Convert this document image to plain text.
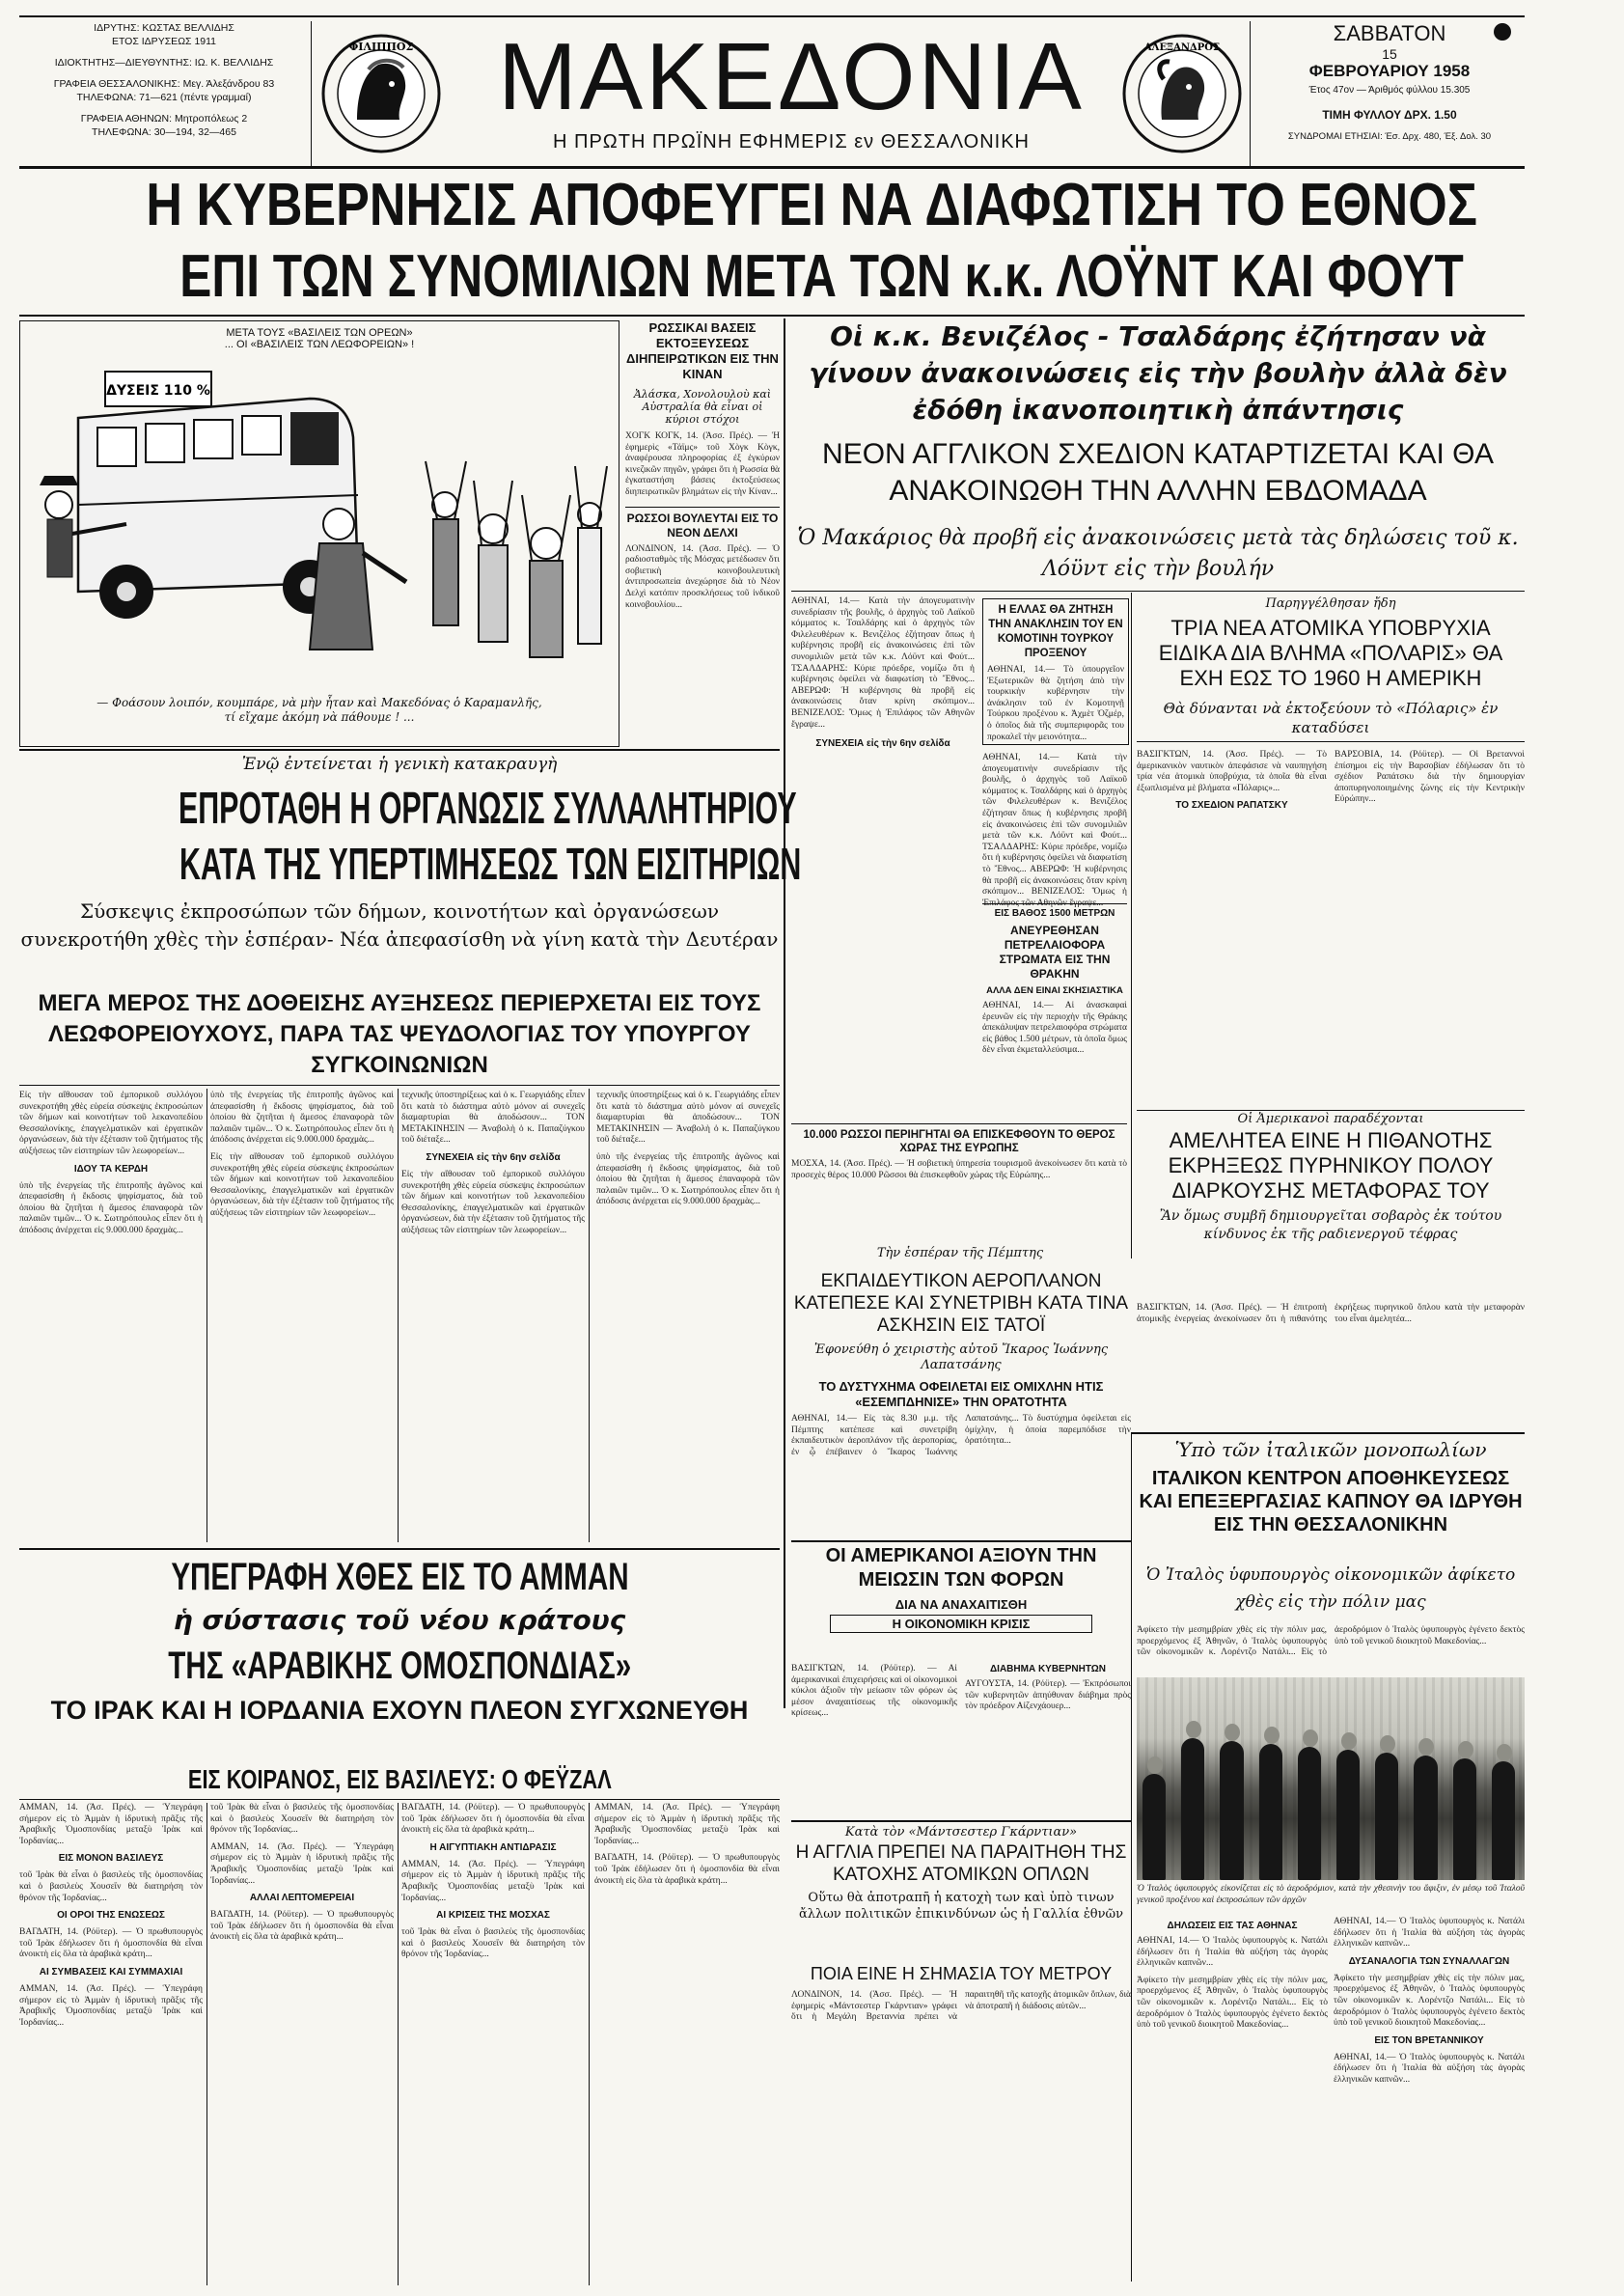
ΙΔΡΥΤΗΣ: ΚΩΣΤΑΣ ΒΕΛΛΙΔΗΣ
ΕΤΟΣ ΙΔΡΥΣΕΩΣ 1911
ΙΔΙΟΚΤΗΤΗΣ—ΔΙΕΥΘΥΝΤΗΣ: ΙΩ. Κ. ΒΕΛΛΙΔΗΣ
ΓΡΑΦΕΙΑ ΘΕΣΣΑΛΟΝΙΚΗΣ: Μεγ. Άλεξάνδρου 83
ΤΗΛΕΦΩΝΑ: 71—621 (πέντε γραμμαί)
ΓΡΑΦΕΙΑ ΑΘΗΝΩΝ: Μητροπόλεως 2
ΤΗΛΕΦΩΝΑ: 30—194, 32—465
ΦΙΛΙΠΠΟΣ ΜΑΚΕΔΟΝΙΑ
Η ΠΡΩΤΗ ΠΡΩΪΝΗ ΕΦΗΜΕΡΙΣ εν ΘΕΣΣΑΛΟΝΙΚΗ
ΑΛΕΞΑΝΔΡΟΣ
ΣΑΒΒΑΤΟΝ
15
ΦΕΒΡΟΥΑΡΙΟΥ 1958
Έτος 47ον — Άριθμός φύλλου 15.305
ΤΙΜΗ ΦΥΛΛΟΥ ΔΡΧ. 1.50
ΣΥΝΔΡΟΜΑΙ ΕΤΗΣΙΑΙ: Έσ. Δρχ. 480, Έξ. Δολ. 30
Η ΚΥΒΕΡΝΗΣΙΣ ΑΠΟΦΕΥΓΕΙ ΝΑ ΔΙΑΦΩΤΙΣΗ ΤΟ ΕΘΝΟΣ
ΕΠΙ ΤΩΝ ΣΥΝΟΜΙΛΙΩΝ ΜΕΤΑ ΤΩΝ κ.κ. ΛΟΫΝΤ ΚΑΙ ΦΟΥΤ
ΜΕΤΑ ΤΟΥΣ «ΒΑΣΙΛΕΙΣ ΤΩΝ ΟΡΕΩΝ»
... ΟΙ «ΒΑΣΙΛΕΙΣ ΤΩΝ ΛΕΩΦΟΡΕΙΩΝ» !
ΔΥΣΕΙΣ 110 %
— Φοάσουν λοιπόν, κουμπάρε, νὰ μὴν ἦταν καὶ Μακεδόνας ὁ Καραμανλῆς,
τί εἴχαμε ἀκόμη νὰ πάθουμε ! ...
ΡΩΣΣΙΚΑΙ ΒΑΣΕΙΣ ΕΚΤΟΞΕΥΣΕΩΣ ΔΙΗΠΕΙΡΩΤΙΚΩΝ ΕΙΣ ΤΗΝ ΚΙΝΑΝ
Ἀλάσκα, Χονολουλοὺ καὶ Αὐστραλία θὰ εἶναι οἱ κύριοι στόχοι
ΧΟΓΚ ΚΟΓΚ, 14. (Άσσ. Πρές). — Ἡ ἐφημερὶς «Τάϊμς» τοῦ Χὸγκ Κὸγκ, ἀναφέρουσα πληροφορίας ἐξ ἐγκύρων κινεζικῶν πηγῶν, γράφει ὅτι ἡ Ρωσσία θὰ ἐγκαταστήση βάσεις ἐκτοξεύσεως διηπειρωτικῶν βλημάτων εἰς τὴν Κίναν...
ΡΩΣΣΟΙ ΒΟΥΛΕΥΤΑΙ ΕΙΣ ΤΟ ΝΕΟΝ ΔΕΛΧΙ
ΛΟΝΔΙΝΟΝ, 14. (Άσσ. Πρές). — Ὁ ραδιοσταθμὸς τῆς Μόσχας μετέδωσεν ὅτι σοβιετικὴ κοινοβουλευτικὴ ἀντιπροσωπεία ἀνεχώρησε διὰ τὸ Νέον Δελχὶ κατόπιν προσκλήσεως τοῦ ἰνδικοῦ κοινοβουλίου...
Οἱ κ.κ. Βενιζέλος - Τσαλδάρης ἐζήτησαν νὰ γίνουν ἀνακοινώσεις εἰς τὴν βουλὴν ἀλλὰ δὲν ἐδόθη ἱκανοποιητικὴ ἀπάντησις
ΝΕΟΝ ΑΓΓΛΙΚΟΝ ΣΧΕΔΙΟΝ ΚΑΤΑΡΤΙΖΕΤΑΙ ΚΑΙ ΘΑ ΑΝΑΚΟΙΝΩΘΗ ΤΗΝ ΑΛΛΗΝ ΕΒΔΟΜΑΔΑ
Ὁ Μακάριος θὰ προβῆ εἰς ἀνακοινώσεις μετὰ τὰς δηλώσεις τοῦ κ. Λόϋντ εἰς τὴν βουλήν
ΑΘΗΝΑΙ, 14.— Κατὰ τὴν ἀπογευματινὴν συνεδρίασιν τῆς βουλῆς, ὁ ἀρχηγὸς τοῦ Λαϊκοῦ κόμματος κ. Τσαλδάρης καὶ ὁ ἀρχηγὸς τῶν Φιλελευθέρων κ. Βενιζέλος ἐζήτησαν ὅπως ἡ κυβέρνησις προβῆ εἰς ἀνακοινώσεις ἐπὶ τῶν συνομιλιῶν μετὰ τῶν κ.κ. Λόϋντ καὶ Φούτ... ΤΣΑΛΔΑΡΗΣ: Κύριε πρόεδρε, νομίζω ὅτι ἡ κυβέρνησις ὀφείλει νὰ διαφωτίση τὸ Ἔθνος... ΑΒΕΡΩΦ: Ἡ κυβέρνησις θὰ προβῆ εἰς ἀνακοινώσεις ὅταν κρίνη σκόπιμον... ΒΕΝΙΖΕΛΟΣ: Ὅμως ἡ Ἐπιλάφος τῶν Αθηνῶν ἔγραψε...
ΣΥΝΕΧΕΙΑ εἰς τὴν 6ην σελίδα
Η ΕΛΛΑΣ ΘΑ ΖΗΤΗΣΗ ΤΗΝ ΑΝΑΚΛΗΣΙΝ ΤΟΥ ΕΝ ΚΟΜΟΤΙΝΗ ΤΟΥΡΚΟΥ ΠΡΟΞΕΝΟΥ
ΑΘΗΝΑΙ, 14.— Τὸ ὑπουργεῖον Ἐξωτερικῶν θὰ ζητήση ἀπὸ τὴν τουρκικὴν κυβέρνησιν τὴν ἀνάκλησιν τοῦ ἐν Κομοτηνῇ Τούρκου προξένου κ. Ἀχμὲτ Ὀζμέρ, ὁ ὁποῖος διὰ τῆς συμπεριφορᾶς του προκαλεῖ τὴν μειονότητα...
ΑΘΗΝΑΙ, 14.— Κατὰ τὴν ἀπογευματινὴν συνεδρίασιν τῆς βουλῆς, ὁ ἀρχηγὸς τοῦ Λαϊκοῦ κόμματος κ. Τσαλδάρης καὶ ὁ ἀρχηγὸς τῶν Φιλελευθέρων κ. Βενιζέλος ἐζήτησαν ὅπως ἡ κυβέρνησις προβῆ εἰς ἀνακοινώσεις ἐπὶ τῶν συνομιλιῶν μετὰ τῶν κ.κ. Λόϋντ καὶ Φούτ... ΤΣΑΛΔΑΡΗΣ: Κύριε πρόεδρε, νομίζω ὅτι ἡ κυβέρνησις ὀφείλει νὰ διαφωτίση τὸ Ἔθνος... ΑΒΕΡΩΦ: Ἡ κυβέρνησις θὰ προβῆ εἰς ἀνακοινώσεις ὅταν κρίνη σκόπιμον... ΒΕΝΙΖΕΛΟΣ: Ὅμως ἡ Ἐπιλάφος τῶν Αθηνῶν ἔγραψε...
ΕΙΣ ΒΑΘΟΣ 1500 ΜΕΤΡΩΝ
ΑΝΕΥΡΕΘΗΣΑΝ ΠΕΤΡΕΛΑΙΟΦΟΡΑ ΣΤΡΩΜΑΤΑ ΕΙΣ ΤΗΝ ΘΡΑΚΗΝ
ΑΛΛΑ ΔΕΝ ΕΙΝΑΙ ΣΚΗΣΙΑΣΤΙΚΑ
ΑΘΗΝΑΙ, 14.— Αἱ ἀνασκαφαὶ ἐρευνῶν εἰς τὴν περιοχὴν τῆς Θράκης ἀπεκάλυψαν πετρελαιοφόρα στρώματα εἰς βάθος 1.500 μέτρων, τὰ ὁποῖα ὅμως δὲν εἶναι ἐκμεταλλεύσιμα...
10.000 ΡΩΣΣΟΙ ΠΕΡΙΗΓΗΤΑΙ ΘΑ ΕΠΙΣΚΕΦΘΟΥΝ ΤΟ ΘΕΡΟΣ ΧΩΡΑΣ ΤΗΣ ΕΥΡΩΠΗΣ
ΜΟΣΧΑ, 14. (Άσσ. Πρές). — Ἡ σοβιετικὴ ὑπηρεσία τουρισμοῦ ἀνεκοίνωσεν ὅτι κατὰ τὸ προσεχὲς θέρος 10.000 Ρῶσσοι θὰ ἐπισκεφθοῦν χώρας τῆς Εὐρώπης...
Παρηγγέλθησαν ἤδη
ΤΡΙΑ ΝΕΑ ΑΤΟΜΙΚΑ ΥΠΟΒΡΥΧΙΑ ΕΙΔΙΚΑ ΔΙΑ ΒΛΗΜΑ «ΠΟΛΑΡΙΣ» ΘΑ ΕΧΗ ΕΩΣ ΤΟ 1960 Η ΑΜΕΡΙΚΗ
Θὰ δύνανται νὰ ἐκτοξεύουν τὸ «Πόλαρις» ἐν καταδύσει
ΒΑΣΙΓΚΤΩΝ, 14. (Άσσ. Πρές). — Τὸ ἀμερικανικὸν ναυτικὸν ἀπεφάσισε νὰ ναυπηγήση τρία νέα ἀτομικὰ ὑποβρύχια, τὰ ὁποῖα θὰ εἶναι ἐξωπλισμένα μὲ βλήματα «Πόλαρις»...
ΤΟ ΣΧΕΔΙΟΝ ΡΑΠΑΤΣΚΥ
ΒΑΡΣΟΒΙΑ, 14. (Ρόϋτερ). — Οἱ Βρεταννοὶ ἐπίσημοι εἰς τὴν Βαρσοβίαν ἐδήλωσαν ὅτι τὸ σχέδιον Ραπάτσκυ διὰ τὴν δημιουργίαν ἀποπυρηνοποιημένης ζώνης εἰς τὴν Κεντρικὴν Εὐρώπην...
Οἱ Ἀμερικανοὶ παραδέχονται
ΑΜΕΛΗΤΕΑ ΕΙΝΕ Η ΠΙΘΑΝΟΤΗΣ ΕΚΡΗΞΕΩΣ ΠΥΡΗΝΙΚΟΥ ΠΟΛΟΥ ΔΙΑΡΚΟΥΣΗΣ ΜΕΤΑΦΟΡΑΣ ΤΟΥ
Ἂν ὅμως συμβῆ δημιουργεῖται σοβαρὸς ἐκ τούτου κίνδυνος ἐκ τῆς ραδιενεργοῦ τέφρας
ΒΑΣΙΓΚΤΩΝ, 14. (Άσσ. Πρές). — Ἡ ἐπιτροπὴ ἀτομικῆς ἐνεργείας ἀνεκοίνωσεν ὅτι ἡ πιθανότης ἐκρήξεως πυρηνικοῦ ὅπλου κατὰ τὴν μεταφορὰν του εἶναι ἀμελητέα...
Ἐνῷ ἐντείνεται ἡ γενικὴ κατακραυγὴ
ΕΠΡΟΤΑΘΗ Η ΟΡΓΑΝΩΣΙΣ ΣΥΛΛΑΛΗΤΗΡΙΟΥ
ΚΑΤΑ ΤΗΣ ΥΠΕΡΤΙΜΗΣΕΩΣ ΤΩΝ ΕΙΣΙΤΗΡΙΩΝ
Σύσκεψις ἐκπροσώπων τῶν δήμων, κοινοτήτων καὶ ὀργανώσεων συνεκροτήθη χθὲς τὴν ἑσπέραν- Νέα ἀπεφασίσθη νὰ γίνη κατὰ τὴν Δευτέραν
ΜΕΓΑ ΜΕΡΟΣ ΤΗΣ ΔΟΘΕΙΣΗΣ ΑΥΞΗΣΕΩΣ ΠΕΡΙΕΡΧΕΤΑΙ ΕΙΣ ΤΟΥΣ ΛΕΩΦΟΡΕΙΟΥΧΟΥΣ, ΠΑΡΑ ΤΑΣ ΨΕΥΔΟΛΟΓΙΑΣ ΤΟΥ ΥΠΟΥΡΓΟΥ ΣΥΓΚΟΙΝΩΝΙΩΝ
Εἰς τὴν αἴθουσαν τοῦ ἐμπορικοῦ συλλόγου συνεκροτήθη χθὲς εὐρεία σύσκεψις ἐκπροσώπων τῶν δήμων καὶ κοινοτήτων τοῦ λεκανοπεδίου Θεσσαλονίκης, ἐπαγγελματικῶν καὶ ἐργατικῶν ὀργανώσεων, διὰ τὴν ἐξέτασιν τοῦ ζητήματος τῆς αὐξήσεως τῶν εἰσιτηρίων τῶν λεωφορείων...
ΙΔΟΥ ΤΑ ΚΕΡΔΗ
ὑπὸ τῆς ἐνεργείας τῆς ἐπιτροπῆς ἀγῶνος καὶ ἀπεφασίσθη ἡ ἔκδοσις ψηφίσματος, διὰ τοῦ ὁποίου θὰ ζητῆται ἡ ἄμεσος ἐπαναφορὰ τῶν παλαιῶν τιμῶν... Ὁ κ. Σωτηρόπουλος εἶπεν ὅτι ἡ ἀπόδοσις ἀνέρχεται εἰς 9.000.000 δραχμὰς...
ὑπὸ τῆς ἐνεργείας τῆς ἐπιτροπῆς ἀγῶνος καὶ ἀπεφασίσθη ἡ ἔκδοσις ψηφίσματος, διὰ τοῦ ὁποίου θὰ ζητῆται ἡ ἄμεσος ἐπαναφορὰ τῶν παλαιῶν τιμῶν... Ὁ κ. Σωτηρόπουλος εἶπεν ὅτι ἡ ἀπόδοσις ἀνέρχεται εἰς 9.000.000 δραχμὰς...
Εἰς τὴν αἴθουσαν τοῦ ἐμπορικοῦ συλλόγου συνεκροτήθη χθὲς εὐρεία σύσκεψις ἐκπροσώπων τῶν δήμων καὶ κοινοτήτων τοῦ λεκανοπεδίου Θεσσαλονίκης, ἐπαγγελματικῶν καὶ ἐργατικῶν ὀργανώσεων, διὰ τὴν ἐξέτασιν τοῦ ζητήματος τῆς αὐξήσεως τῶν εἰσιτηρίων τῶν λεωφορείων...
τεχνικῆς ὑποστηρίξεως καὶ ὁ κ. Γεωργιάδης εἶπεν ὅτι κατὰ τὸ διάστημα αὐτὸ μόνον αἱ συνεχεῖς διαμαρτυρίαι θὰ ἀποδώσουν... ΤΟΝ ΜΕΤΑΚΙΝΗΣΙΝ — Ἀναβολὴ ὁ κ. Παπαζύγκου τοῦ διέταξε...
ΣΥΝΕΧΕΙΑ εἰς τὴν 6ην σελίδα
Εἰς τὴν αἴθουσαν τοῦ ἐμπορικοῦ συλλόγου συνεκροτήθη χθὲς εὐρεία σύσκεψις ἐκπροσώπων τῶν δήμων καὶ κοινοτήτων τοῦ λεκανοπεδίου Θεσσαλονίκης, ἐπαγγελματικῶν καὶ ἐργατικῶν ὀργανώσεων, διὰ τὴν ἐξέτασιν τοῦ ζητήματος τῆς αὐξήσεως τῶν εἰσιτηρίων τῶν λεωφορείων...
τεχνικῆς ὑποστηρίξεως καὶ ὁ κ. Γεωργιάδης εἶπεν ὅτι κατὰ τὸ διάστημα αὐτὸ μόνον αἱ συνεχεῖς διαμαρτυρίαι θὰ ἀποδώσουν... ΤΟΝ ΜΕΤΑΚΙΝΗΣΙΝ — Ἀναβολὴ ὁ κ. Παπαζύγκου τοῦ διέταξε...
ὑπὸ τῆς ἐνεργείας τῆς ἐπιτροπῆς ἀγῶνος καὶ ἀπεφασίσθη ἡ ἔκδοσις ψηφίσματος, διὰ τοῦ ὁποίου θὰ ζητῆται ἡ ἄμεσος ἐπαναφορὰ τῶν παλαιῶν τιμῶν... Ὁ κ. Σωτηρόπουλος εἶπεν ὅτι ἡ ἀπόδοσις ἀνέρχεται εἰς 9.000.000 δραχμὰς...
Τὴν ἑσπέραν τῆς Πέμπτης
ΥΠΕΓΡΑΦΗ ΧΘΕΣ ΕΙΣ ΤΟ ΑΜΜΑΝ
ἡ σύστασις τοῦ νέου κράτους
ΤΗΣ «ΑΡΑΒΙΚΗΣ ΟΜΟΣΠΟΝΔΙΑΣ»
ΤΟ ΙΡΑΚ ΚΑΙ Η ΙΟΡΔΑΝΙΑ ΕΧΟΥΝ ΠΛΕΟΝ ΣΥΓΧΩΝΕΥΘΗ
ΕΙΣ ΚΟΙΡΑΝΟΣ, ΕΙΣ ΒΑΣΙΛΕΥΣ: Ο ΦΕΫΖΑΛ
ΑΜΜΑΝ, 14. (Άσ. Πρές). — Ὑπεγράφη σήμερον εἰς τὸ Ἀμμὰν ἡ ἰδρυτικὴ πρᾶξις τῆς Ἀραβικῆς Ὁμοσπονδίας μεταξὺ Ἰρὰκ καὶ Ἰορδανίας...
ΕΙΣ ΜΟΝΟΝ ΒΑΣΙΛΕΥΣ
τοῦ Ἰρὰκ θὰ εἶναι ὁ βασιλεὺς τῆς ὁμοσπονδίας καὶ ὁ βασιλεὺς Χουσεΐν θὰ διατηρήση τὸν θρόνον τῆς Ἰορδανίας...
ΟΙ ΟΡΟΙ ΤΗΣ ΕΝΩΣΕΩΣ
ΒΑΓΔΑΤΗ, 14. (Ρόϋτερ). — Ὁ πρωθυπουργὸς τοῦ Ἰρὰκ ἐδήλωσεν ὅτι ἡ ὁμοσπονδία θὰ εἶναι ἀνοικτὴ εἰς ὅλα τὰ ἀραβικὰ κράτη...
ΑΙ ΣΥΜΒΑΣΕΙΣ ΚΑΙ ΣΥΜΜΑΧΙΑΙ
ΑΜΜΑΝ, 14. (Άσ. Πρές). — Ὑπεγράφη σήμερον εἰς τὸ Ἀμμὰν ἡ ἰδρυτικὴ πρᾶξις τῆς Ἀραβικῆς Ὁμοσπονδίας μεταξὺ Ἰρὰκ καὶ Ἰορδανίας...
τοῦ Ἰρὰκ θὰ εἶναι ὁ βασιλεὺς τῆς ὁμοσπονδίας καὶ ὁ βασιλεὺς Χουσεΐν θὰ διατηρήση τὸν θρόνον τῆς Ἰορδανίας...
ΑΜΜΑΝ, 14. (Άσ. Πρές). — Ὑπεγράφη σήμερον εἰς τὸ Ἀμμὰν ἡ ἰδρυτικὴ πρᾶξις τῆς Ἀραβικῆς Ὁμοσπονδίας μεταξὺ Ἰρὰκ καὶ Ἰορδανίας...
ΑΛΛΑΙ ΛΕΠΤΟΜΕΡΕΙΑΙ
ΒΑΓΔΑΤΗ, 14. (Ρόϋτερ). — Ὁ πρωθυπουργὸς τοῦ Ἰρὰκ ἐδήλωσεν ὅτι ἡ ὁμοσπονδία θὰ εἶναι ἀνοικτὴ εἰς ὅλα τὰ ἀραβικὰ κράτη...
ΒΑΓΔΑΤΗ, 14. (Ρόϋτερ). — Ὁ πρωθυπουργὸς τοῦ Ἰρὰκ ἐδήλωσεν ὅτι ἡ ὁμοσπονδία θὰ εἶναι ἀνοικτὴ εἰς ὅλα τὰ ἀραβικὰ κράτη...
Η ΑΙΓΥΠΤΙΑΚΗ ΑΝΤΙΔΡΑΣΙΣ
ΑΜΜΑΝ, 14. (Άσ. Πρές). — Ὑπεγράφη σήμερον εἰς τὸ Ἀμμὰν ἡ ἰδρυτικὴ πρᾶξις τῆς Ἀραβικῆς Ὁμοσπονδίας μεταξὺ Ἰρὰκ καὶ Ἰορδανίας...
ΑΙ ΚΡΙΣΕΙΣ ΤΗΣ ΜΟΣΧΑΣ
τοῦ Ἰρὰκ θὰ εἶναι ὁ βασιλεὺς τῆς ὁμοσπονδίας καὶ ὁ βασιλεὺς Χουσεΐν θὰ διατηρήση τὸν θρόνον τῆς Ἰορδανίας...
ΑΜΜΑΝ, 14. (Άσ. Πρές). — Ὑπεγράφη σήμερον εἰς τὸ Ἀμμὰν ἡ ἰδρυτικὴ πρᾶξις τῆς Ἀραβικῆς Ὁμοσπονδίας μεταξὺ Ἰρὰκ καὶ Ἰορδανίας...
ΒΑΓΔΑΤΗ, 14. (Ρόϋτερ). — Ὁ πρωθυπουργὸς τοῦ Ἰρὰκ ἐδήλωσεν ὅτι ἡ ὁμοσπονδία θὰ εἶναι ἀνοικτὴ εἰς ὅλα τὰ ἀραβικὰ κράτη...
Ὑπὸ τῶν ἰταλικῶν μονοπωλίων
ΙΤΑΛΙΚΟΝ ΚΕΝΤΡΟΝ ΑΠΟΘΗΚΕΥΣΕΩΣ ΚΑΙ ΕΠΕΞΕΡΓΑΣΙΑΣ ΚΑΠΝΟΥ ΘΑ ΙΔΡΥΘΗ ΕΙΣ ΤΗΝ ΘΕΣΣΑΛΟΝΙΚΗΝ
Ὁ Ἰταλὸς ὑφυπουργὸς οἰκονομικῶν ἀφίκετο χθὲς εἰς τὴν πόλιν μας
Ἀφίκετο τὴν μεσημβρίαν χθὲς εἰς τὴν πόλιν μας, προερχόμενος ἐξ Ἀθηνῶν, ὁ Ἰταλὸς ὑφυπουργὸς τῶν οἰκονομικῶν κ. Λορέντζο Νατάλι... Εἰς τὸ ἀεροδρόμιον ὁ Ἰταλὸς ὑφυπουργὸς ἐγένετο δεκτὸς ὑπὸ τοῦ γενικοῦ διοικητοῦ Μακεδονίας...
Ὁ Ἰταλὸς ὑφυπουργὸς εἰκονίζεται εἰς τὸ ἀεροδρόμιον, κατὰ τὴν χθεσινὴν του ἄφιξιν, ἐν μέσῳ τοῦ Ἰταλοῦ γενικοῦ προξένου καὶ ἐκπροσώπων τῶν ἀρχῶν
ΔΗΛΩΣΕΙΣ ΕΙΣ ΤΑΣ ΑΘΗΝΑΣ
ΑΘΗΝΑΙ, 14.— Ὁ Ἰταλὸς ὑφυπουργὸς κ. Νατάλι ἐδήλωσεν ὅτι ἡ Ἰταλία θὰ αὐξήση τὰς ἀγορὰς ἑλληνικῶν καπνῶν...
Ἀφίκετο τὴν μεσημβρίαν χθὲς εἰς τὴν πόλιν μας, προερχόμενος ἐξ Ἀθηνῶν, ὁ Ἰταλὸς ὑφυπουργὸς τῶν οἰκονομικῶν κ. Λορέντζο Νατάλι... Εἰς τὸ ἀεροδρόμιον ὁ Ἰταλὸς ὑφυπουργὸς ἐγένετο δεκτὸς ὑπὸ τοῦ γενικοῦ διοικητοῦ Μακεδονίας...
ΑΘΗΝΑΙ, 14.— Ὁ Ἰταλὸς ὑφυπουργὸς κ. Νατάλι ἐδήλωσεν ὅτι ἡ Ἰταλία θὰ αὐξήση τὰς ἀγορὰς ἑλληνικῶν καπνῶν...
ΔΥΣΑΝΑΛΟΓΙΑ ΤΩΝ ΣΥΝΑΛΛΑΓΩΝ
Ἀφίκετο τὴν μεσημβρίαν χθὲς εἰς τὴν πόλιν μας, προερχόμενος ἐξ Ἀθηνῶν, ὁ Ἰταλὸς ὑφυπουργὸς τῶν οἰκονομικῶν κ. Λορέντζο Νατάλι... Εἰς τὸ ἀεροδρόμιον ὁ Ἰταλὸς ὑφυπουργὸς ἐγένετο δεκτὸς ὑπὸ τοῦ γενικοῦ διοικητοῦ Μακεδονίας...
ΕΙΣ ΤΟΝ ΒΡΕΤΑΝΝΙΚΟΥ
ΑΘΗΝΑΙ, 14.— Ὁ Ἰταλὸς ὑφυπουργὸς κ. Νατάλι ἐδήλωσεν ὅτι ἡ Ἰταλία θὰ αὐξήση τὰς ἀγορὰς ἑλληνικῶν καπνῶν...
ΕΚΠΑΙΔΕΥΤΙΚΟΝ ΑΕΡΟΠΛΑΝΟΝ ΚΑΤΕΠΕΣΕ ΚΑΙ ΣΥΝΕΤΡΙΒΗ ΚΑΤΑ ΤΙΝΑ ΑΣΚΗΣΙΝ ΕΙΣ ΤΑΤΟΪ
Ἐφονεύθη ὁ χειριστὴς αὐτοῦ Ἴκαρος Ἰωάννης Λαπατσάνης
ΤΟ ΔΥΣΤΥΧΗΜΑ ΟΦΕΙΛΕΤΑΙ ΕΙΣ ΟΜΙΧΛΗΝ ΗΤΙΣ «ΕΣΕΜΠΔΗΝΙΣΕ» ΤΗΝ ΟΡΑΤΟΤΗΤΑ
ΑΘΗΝΑΙ, 14.— Εἰς τὰς 8.30 μ.μ. τῆς Πέμπτης κατέπεσε καὶ συνετρίβη ἐκπαιδευτικὸν ἀεροπλάνον τῆς ἀεροπορίας, ἐν ᾧ ἐπέβαινεν ὁ Ἴκαρος Ἰωάννης Λαπατσάνης... Τὸ δυστύχημα ὀφείλεται εἰς ὀμίχλην, ἡ ὁποία παρεμπόδισε τὴν ὁρατότητα...
ΟΙ ΑΜΕΡΙΚΑΝΟΙ ΑΞΙΟΥΝ ΤΗΝ ΜΕΙΩΣΙΝ ΤΩΝ ΦΟΡΩΝ
ΔΙΑ ΝΑ ΑΝΑΧΑΙΤΙΣΘΗ
Η ΟΙΚΟΝΟΜΙΚΗ ΚΡΙΣΙΣ
ΒΑΣΙΓΚΤΩΝ, 14. (Ρόϋτερ). — Αἱ ἀμερικανικαὶ ἐπιχειρήσεις καὶ οἱ οἰκονομικοὶ κύκλοι ἀξιοῦν τὴν μείωσιν τῶν φόρων ὡς μέσον ἀναχαιτίσεως τῆς οἰκονομικῆς κρίσεως...
ΔΙΑΒΗΜΑ ΚΥΒΕΡΝΗΤΩΝ
ΑΥΓΟΥΣΤΑ, 14. (Ρόϋτερ). — Ἐκπρόσωποι τῶν κυβερνητῶν ἀπηύθυναν διάβημα πρὸς τὸν πρόεδρον Αἰζενχάουερ...
Κατὰ τὸν «Μάντσεστερ Γκάρντιαν»
Η ΑΓΓΛΙΑ ΠΡΕΠΕΙ ΝΑ ΠΑΡΑΙΤΗΘΗ ΤΗΣ ΚΑΤΟΧΗΣ ΑΤΟΜΙΚΩΝ ΟΠΛΩΝ
Οὕτω θὰ ἀποτραπῆ ἡ κατοχὴ των καὶ ὑπὸ τινων ἄλλων πολιτικῶν ἐπικινδύνων ὡς ἡ Γαλλία ἐθνῶν
ΠΟΙΑ ΕΙΝΕ Η ΣΗΜΑΣΙΑ ΤΟΥ ΜΕΤΡΟΥ
ΛΟΝΔΙΝΟΝ, 14. (Άσσ. Πρές). — Ἡ ἐφημερὶς «Μάντσεστερ Γκάρντιαν» γράφει ὅτι ἡ Μεγάλη Βρεταννία πρέπει νὰ παραιτηθῆ τῆς κατοχῆς ἀτομικῶν ὅπλων, διὰ νὰ ἀποτραπῆ ἡ διάδοσις αὐτῶν...
